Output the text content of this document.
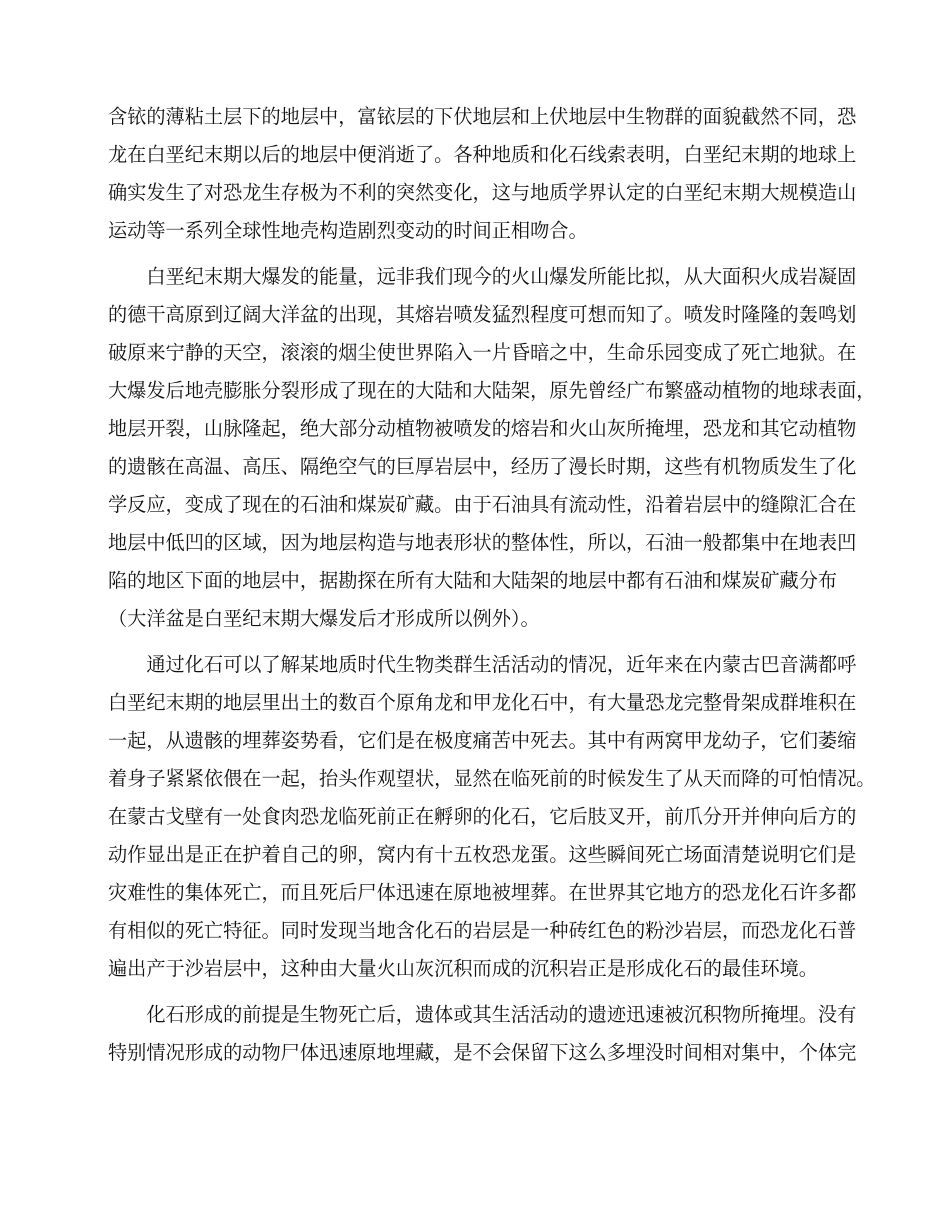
含铱的薄粘土层下的地层中，富铱层的下伏地层和上伏地层中生物群的面貌截然不同，恐
龙在白垩纪末期以后的地层中便消逝了。各种地质和化石线索表明，白垩纪末期的地球上
确实发生了对恐龙生存极为不利的突然变化，这与地质学界认定的白垩纪末期大规模造山
运动等一系列全球性地壳构造剧烈变动的时间正相吻合。
　　白垩纪末期大爆发的能量，远非我们现今的火山爆发所能比拟，从大面积火成岩凝固
的德干高原到辽阔大洋盆的出现，其熔岩喷发猛烈程度可想而知了。喷发时隆隆的轰鸣划
破原来宁静的天空，滚滚的烟尘使世界陷入一片昏暗之中，生命乐园变成了死亡地狱。在
大爆发后地壳膨胀分裂形成了现在的大陆和大陆架，原先曾经广布繁盛动植物的地球表面，
地层开裂，山脉隆起，绝大部分动植物被喷发的熔岩和火山灰所掩埋，恐龙和其它动植物
的遗骸在高温、高压、隔绝空气的巨厚岩层中，经历了漫长时期，这些有机物质发生了化
学反应，变成了现在的石油和煤炭矿藏。由于石油具有流动性，沿着岩层中的缝隙汇合在
地层中低凹的区域，因为地层构造与地表形状的整体性，所以，石油一般都集中在地表凹
陷的地区下面的地层中，据勘探在所有大陆和大陆架的地层中都有石油和煤炭矿藏分布
（大洋盆是白垩纪末期大爆发后才形成所以例外）。
　　通过化石可以了解某地质时代生物类群生活活动的情况，近年来在内蒙古巴音满都呼
白垩纪末期的地层里出土的数百个原角龙和甲龙化石中，有大量恐龙完整骨架成群堆积在
一起，从遗骸的埋葬姿势看，它们是在极度痛苦中死去。其中有两窝甲龙幼子，它们萎缩
着身子紧紧依偎在一起，抬头作观望状，显然在临死前的时候发生了从天而降的可怕情况。
在蒙古戈壁有一处食肉恐龙临死前正在孵卵的化石，它后肢叉开，前爪分开并伸向后方的
动作显出是正在护着自己的卵，窝内有十五枚恐龙蛋。这些瞬间死亡场面清楚说明它们是
灾难性的集体死亡，而且死后尸体迅速在原地被埋葬。在世界其它地方的恐龙化石许多都
有相似的死亡特征。同时发现当地含化石的岩层是一种砖红色的粉沙岩层，而恐龙化石普
遍出产于沙岩层中，这种由大量火山灰沉积而成的沉积岩正是形成化石的最佳环境。
　　化石形成的前提是生物死亡后，遗体或其生活活动的遗迹迅速被沉积物所掩埋。没有
特别情况形成的动物尸体迅速原地埋藏，是不会保留下这么多埋没时间相对集中，个体完
